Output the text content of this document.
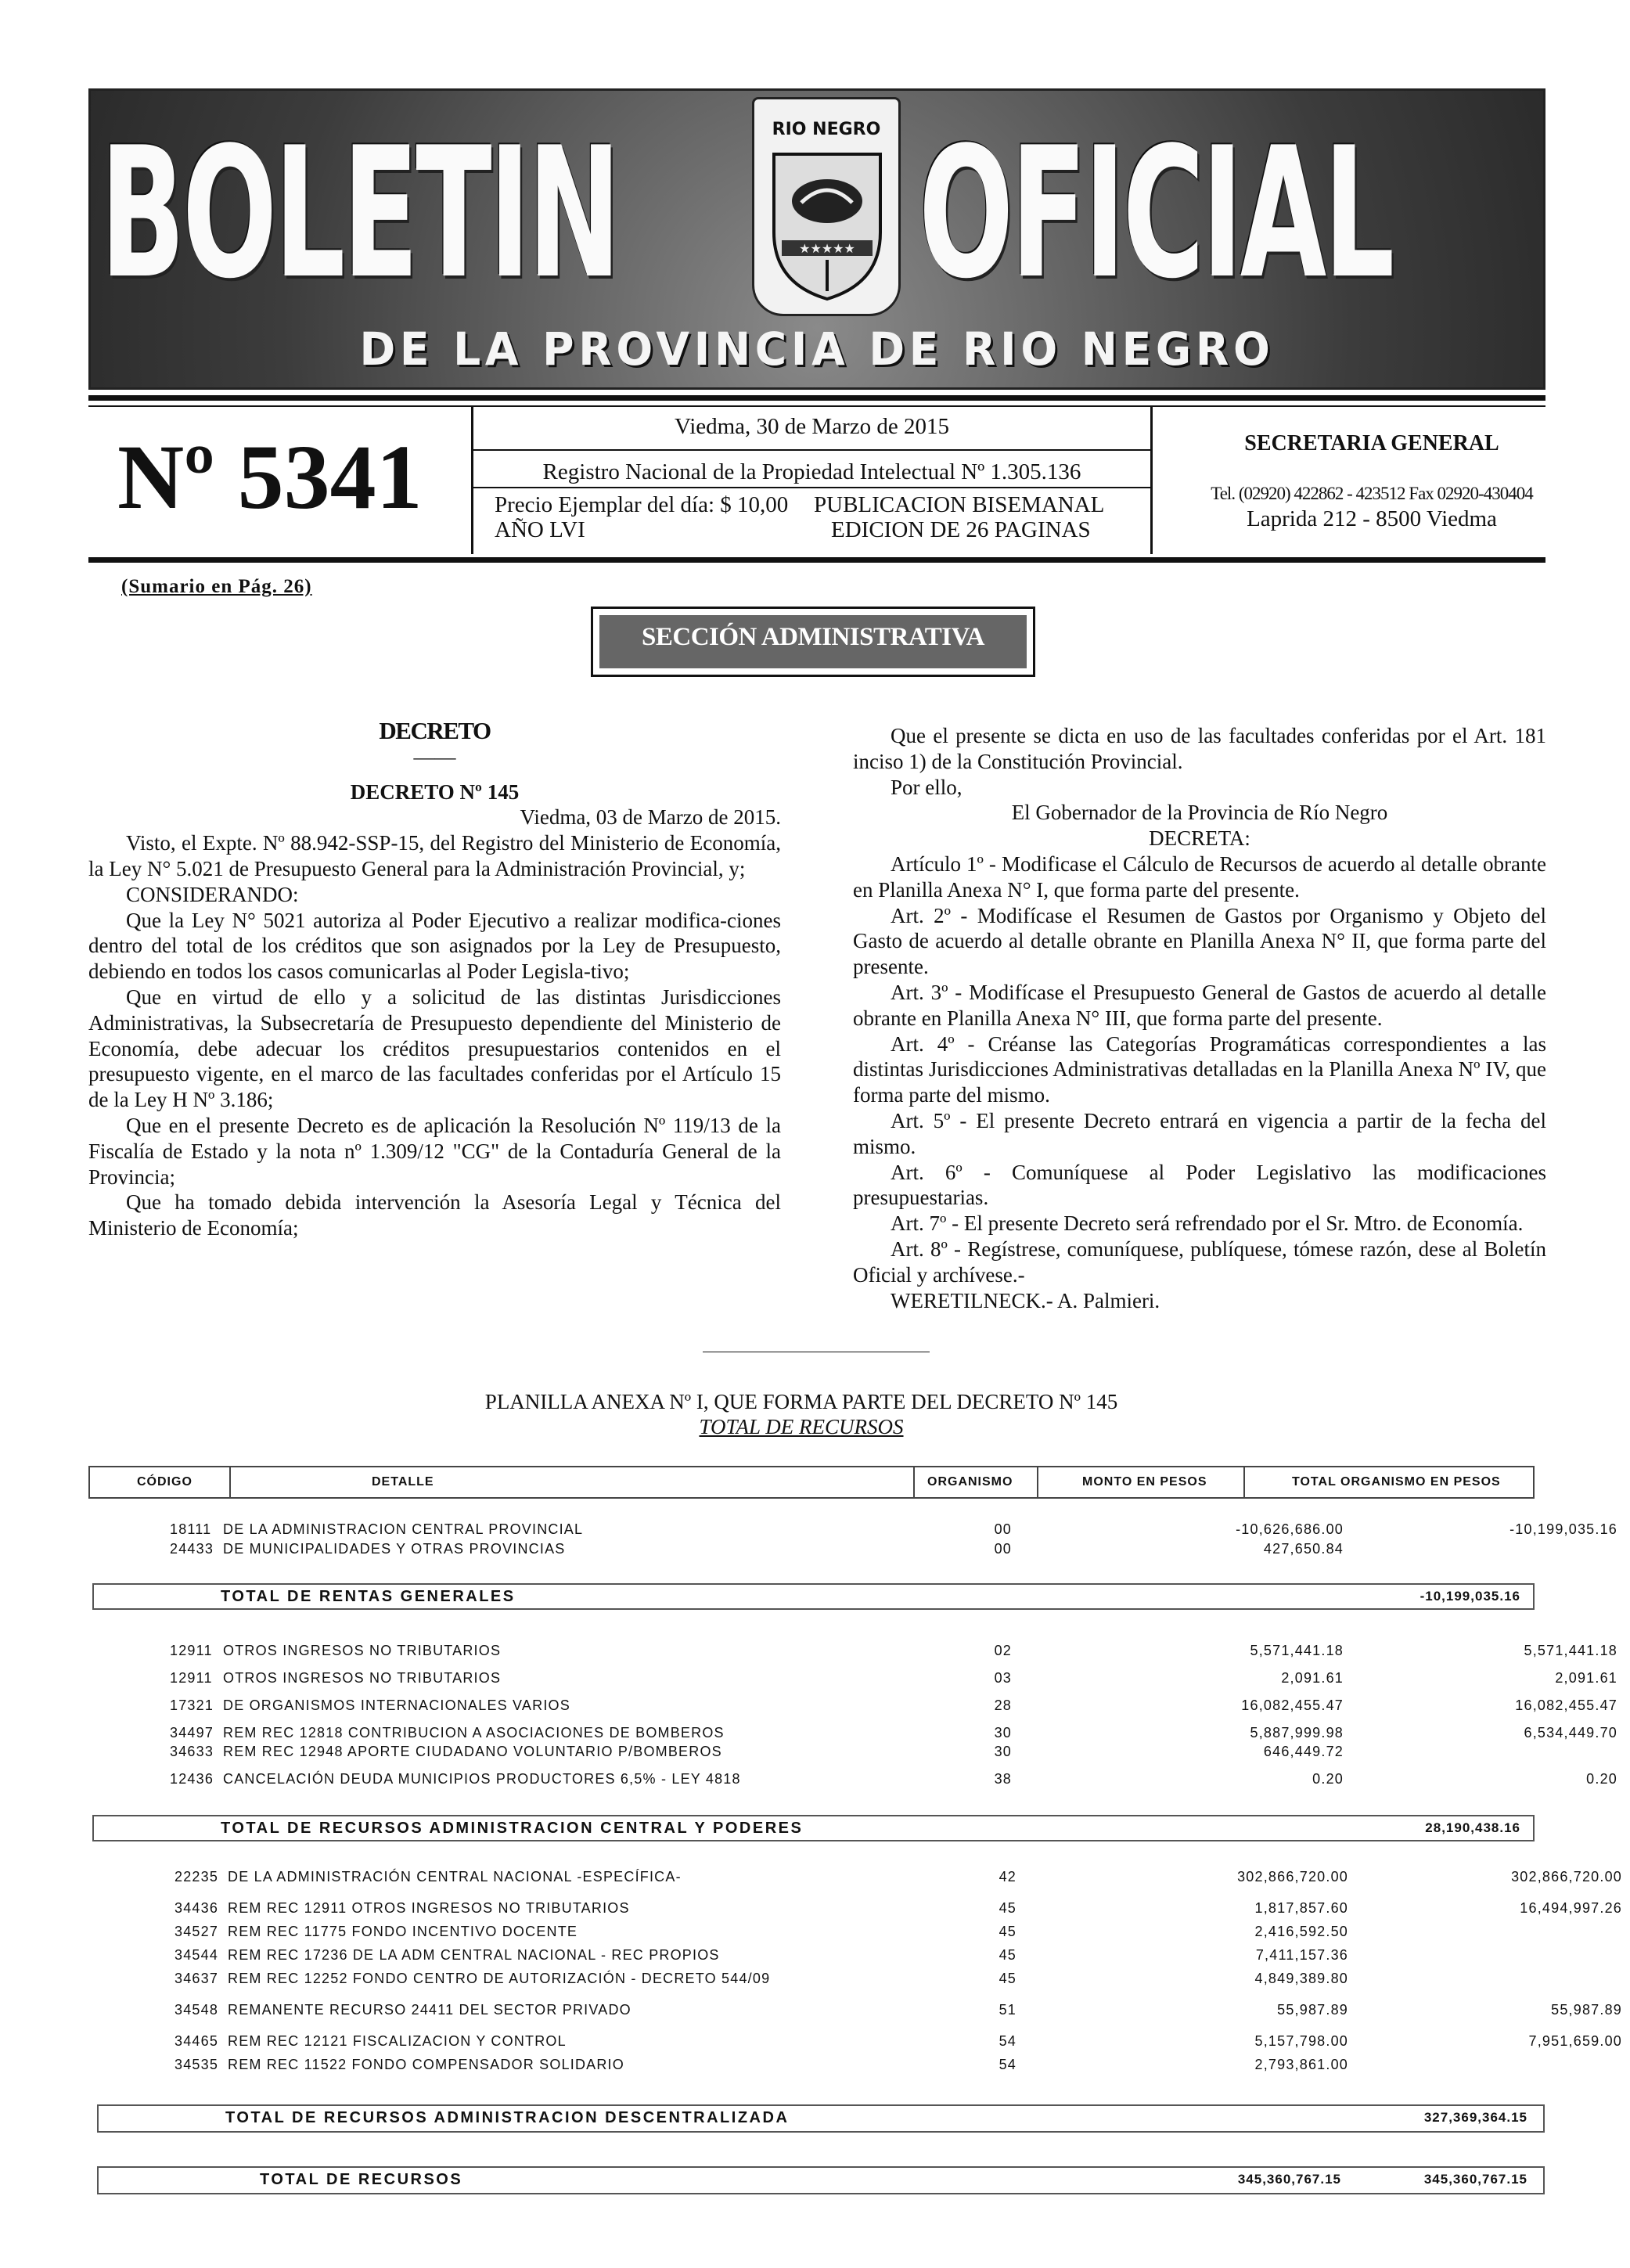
BOLETIN OFICIAL
RIO NEGRO
★★★★★
DE LA PROVINCIA DE RIO NEGRO
Nº 5341	Viedma, 30 de Marzo de 2015
Registro Nacional de la Propiedad Intelectual Nº 1.305.136
Precio Ejemplar del día: $ 10,00 PUBLICACION BISEMANAL
AÑO LVI	EDICION DE 26 PAGINAS
SECRETARIA GENERAL
Tel. (02920) 422862 - 423512 Fax 02920-430404
Laprida 212 - 8500 Viedma
(Sumario en Pág. 26)
SECCIÓN ADMINISTRATIVA

DECRETO

——

DECRETO Nº 145

Viedma, 03 de Marzo de 2015.

Visto, el Expte. Nº 88.942-SSP-15, del Registro del Ministerio de Economía, la Ley N° 5.021 de Presupuesto General para la Administración Provincial, y;

CONSIDERANDO:

Que la Ley N° 5021 autoriza al Poder Ejecutivo a realizar modifica-ciones dentro del total de los créditos que son asignados por la Ley de Presupuesto, debiendo en todos los casos comunicarlas al Poder Legisla-tivo;

Que en virtud de ello y a solicitud de las distintas Jurisdicciones Administrativas, la Subsecretaría de Presupuesto dependiente del Ministerio de Economía, debe adecuar los créditos presupuestarios contenidos en el presupuesto vigente, en el marco de las facultades conferidas por el Artículo 15 de la Ley H Nº 3.186;

Que en el presente Decreto es de aplicación la Resolución Nº 119/13 de la Fiscalía de Estado y la nota nº 1.309/12 "CG" de la Contaduría General de la Provincia;

Que ha tomado debida intervención la Asesoría Legal y Técnica del Ministerio de Economía;

Que el presente se dicta en uso de las facultades conferidas por el Art. 181 inciso 1) de la Constitución Provincial.

Por ello,

El Gobernador de la Provincia de Río Negro

DECRETA:

Artículo 1º - Modificase el Cálculo de Recursos de acuerdo al detalle obrante en Planilla Anexa N° I, que forma parte del presente.

Art. 2º - Modifícase el Resumen de Gastos por Organismo y Objeto del Gasto de acuerdo al detalle obrante en Planilla Anexa N° II, que forma parte del presente.

Art. 3º - Modifícase el Presupuesto General de Gastos de acuerdo al detalle obrante en Planilla Anexa N° III, que forma parte del presente.

Art. 4º - Créanse las Categorías Programáticas correspondientes a las distintas Jurisdicciones Administrativas detalladas en la Planilla Anexa Nº IV, que forma parte del mismo.

Art. 5º - El presente Decreto entrará en vigencia a partir de la fecha del mismo.

Art. 6º - Comuníquese al Poder Legislativo las modificaciones presupuestarias.

Art. 7º - El presente Decreto será refrendado por el Sr. Mtro. de Economía.

Art. 8º - Regístrese, comuníquese, publíquese, tómese razón, dese al Boletín Oficial y archívese.-

WERETILNECK.- A. Palmieri.

PLANILLA ANEXA Nº I, QUE FORMA PARTE DEL DECRETO Nº 145
TOTAL DE RECURSOS
CÓDIGO	DETALLE	ORGANISMO	MONTO EN PESOS	TOTAL ORGANISMO EN PESOS
18111 DE LA ADMINISTRACION CENTRAL PROVINCIAL	00	-10,626,686.00	-10,199,035.16
24433 DE MUNICIPALIDADES Y OTRAS PROVINCIAS	00	427,650.84
TOTAL DE RENTAS GENERALES	-10,199,035.16
12911 OTROS INGRESOS NO TRIBUTARIOS	02	5,571,441.18	5,571,441.18
12911 OTROS INGRESOS NO TRIBUTARIOS	03	2,091.61	2,091.61
17321 DE ORGANISMOS INTERNACIONALES VARIOS	28	16,082,455.47	16,082,455.47
34497 REM REC 12818 CONTRIBUCION A ASOCIACIONES DE BOMBEROS	30	5,887,999.98	6,534,449.70
34633 REM REC 12948 APORTE CIUDADANO VOLUNTARIO P/BOMBEROS	30	646,449.72
12436 CANCELACIÓN DEUDA MUNICIPIOS PRODUCTORES 6,5% - LEY 4818	38	0.20	0.20
TOTAL DE RECURSOS ADMINISTRACION CENTRAL Y PODERES	28,190,438.16
22235 DE LA ADMINISTRACIÓN CENTRAL NACIONAL -ESPECÍFICA-	42	302,866,720.00	302,866,720.00
34436 REM REC 12911 OTROS INGRESOS NO TRIBUTARIOS	45	1,817,857.60	16,494,997.26
34527 REM REC 11775 FONDO INCENTIVO DOCENTE	45	2,416,592.50
34544 REM REC 17236 DE LA ADM CENTRAL NACIONAL - REC PROPIOS	45	7,411,157.36
34637 REM REC 12252 FONDO CENTRO DE AUTORIZACIÓN - DECRETO 544/09	45	4,849,389.80
34548 REMANENTE RECURSO 24411 DEL SECTOR PRIVADO	51	55,987.89	55,987.89
34465 REM REC 12121 FISCALIZACION Y CONTROL	54	5,157,798.00	7,951,659.00
34535 REM REC 11522 FONDO COMPENSADOR SOLIDARIO	54	2,793,861.00
TOTAL DE RECURSOS ADMINISTRACION DESCENTRALIZADA	327,369,364.15
TOTAL DE RECURSOS	345,360,767.15	345,360,767.15
